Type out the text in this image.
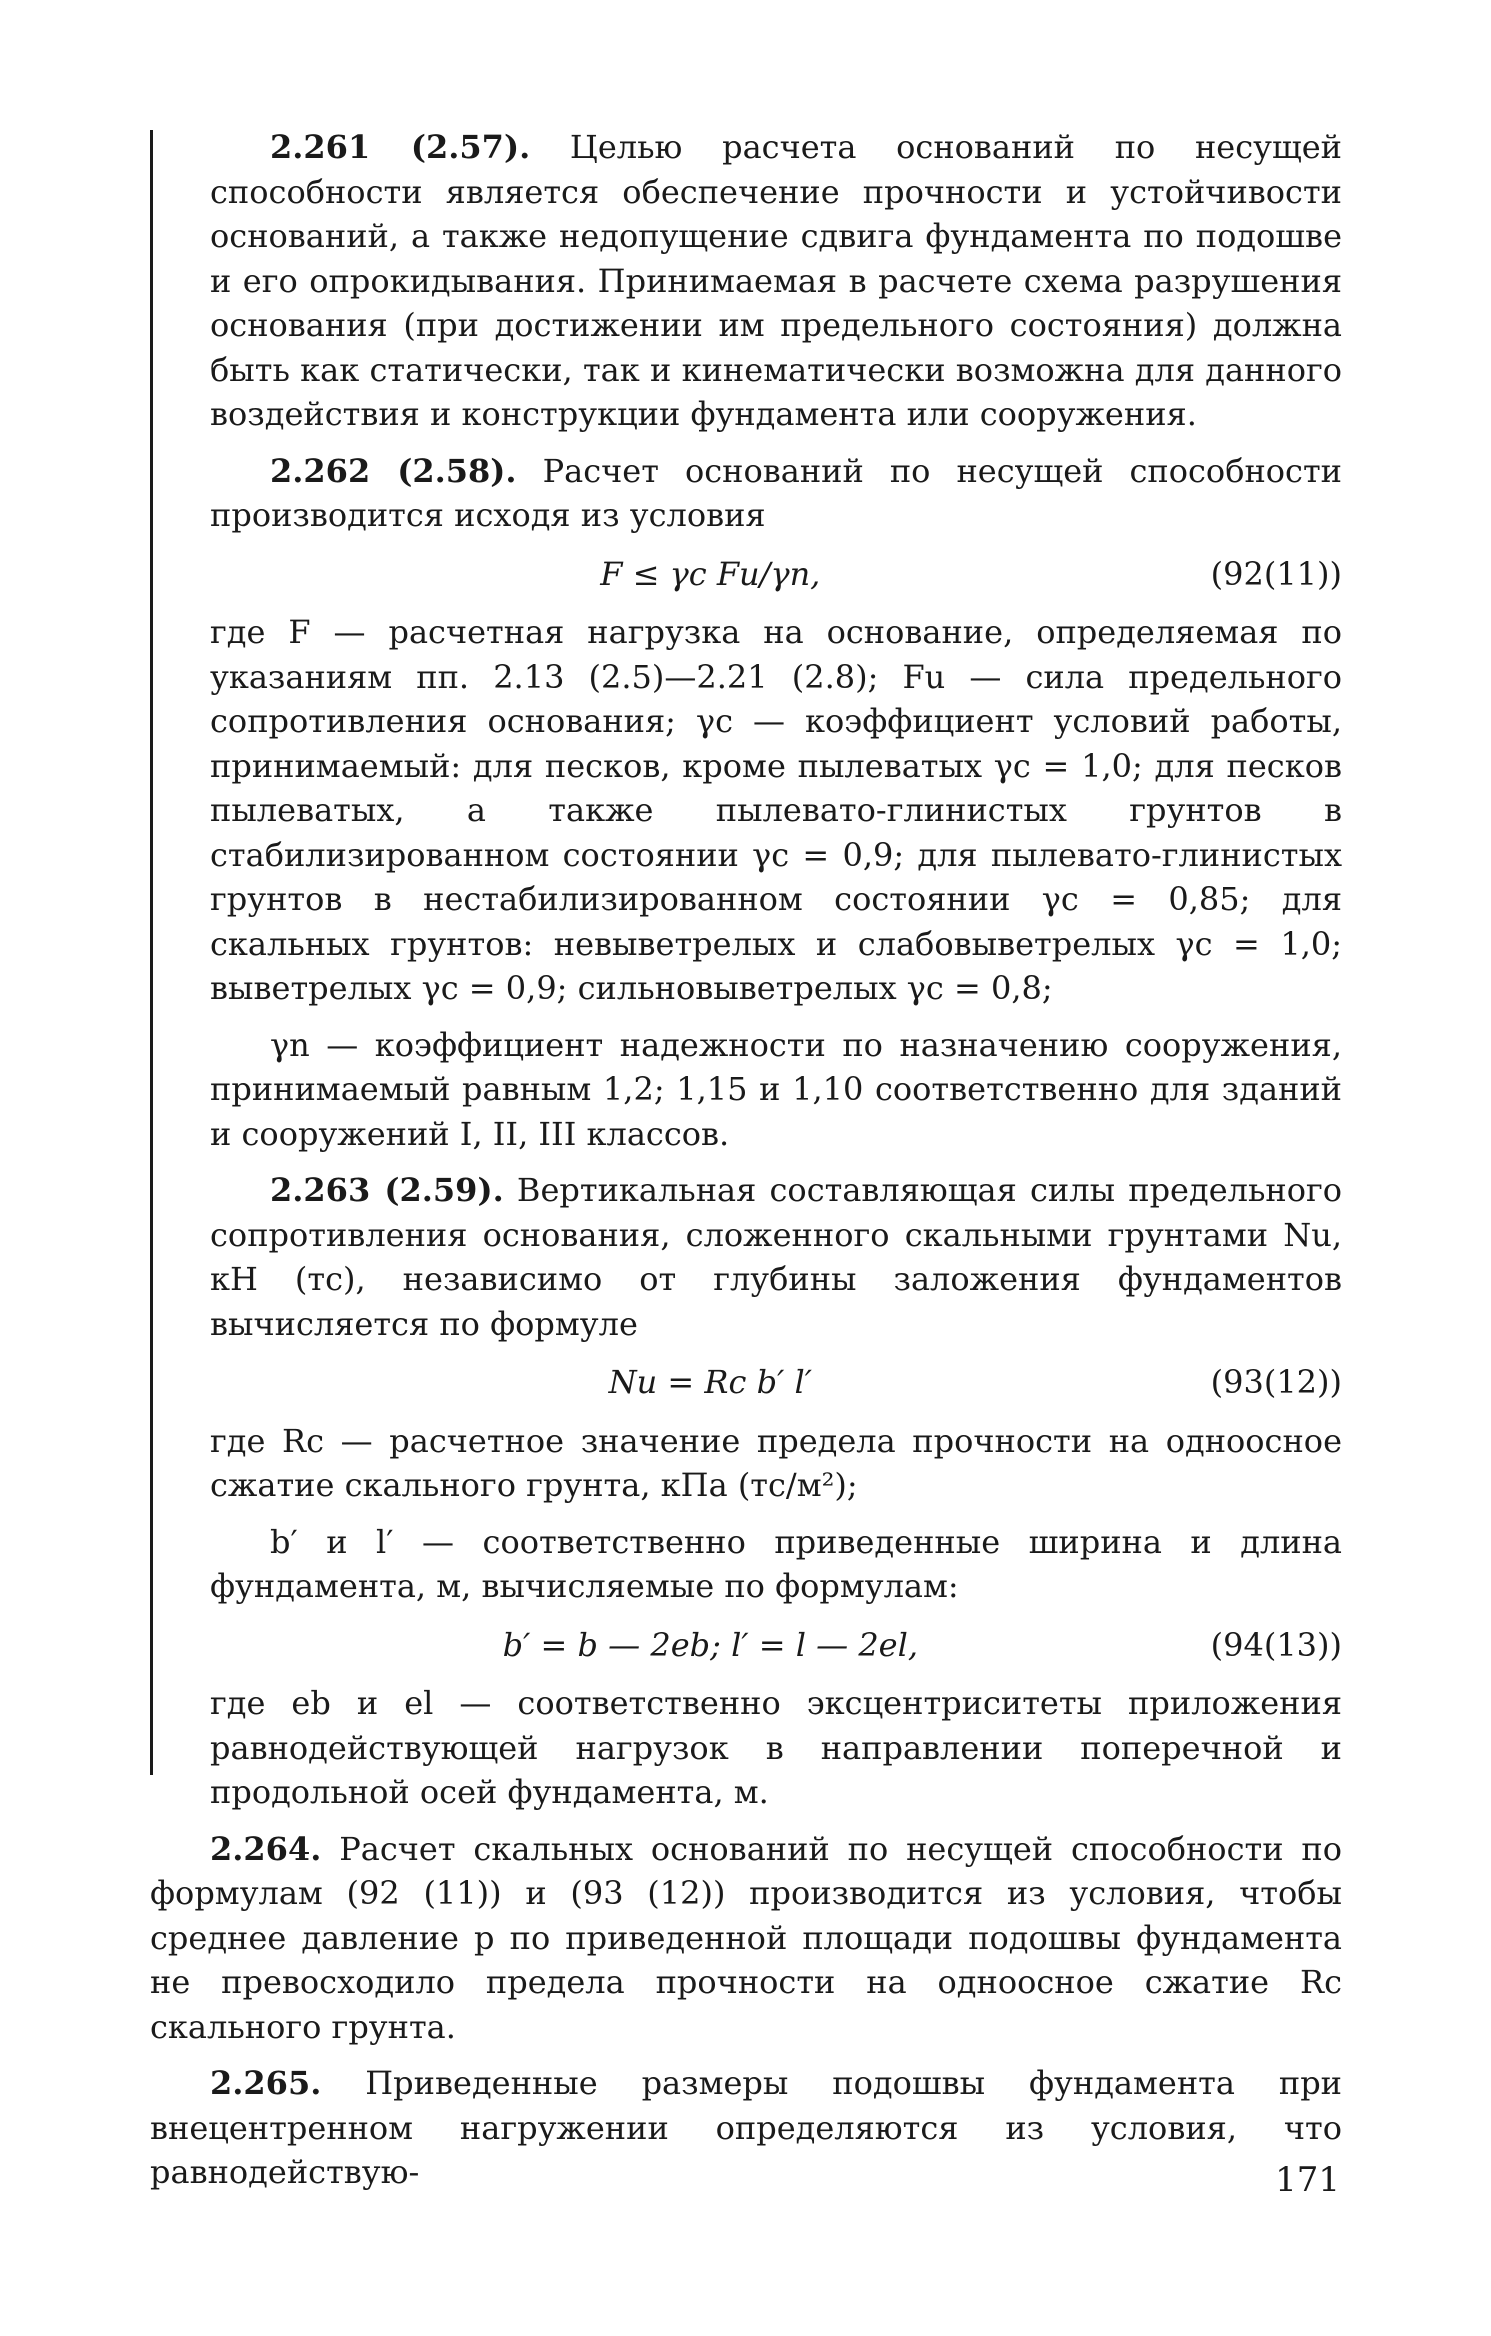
2.261 (2.57). Целью расчета оснований по несущей способности является обеспечение прочности и устойчивости оснований, а также недопущение сдвига фундамента по подошве и его опрокидывания. Принимаемая в расчете схема разрушения основания (при достижении им предельного состояния) должна быть как статически, так и кинематически возможна для данного воздействия и конструкции фундамента или сооружения.

2.262 (2.58). Расчет оснований по несущей способности производится исходя из условия

F ≤ γc Fu/γn,	(92(11))

где F — расчетная нагрузка на основание, определяемая по указаниям пп. 2.13 (2.5)—2.21 (2.8); Fu — сила предельного сопротивления основания; γc — коэффициент условий работы, принимаемый: для песков, кроме пылеватых γc = 1,0; для песков пылеватых, а также пылевато-глинистых грунтов в стабилизированном состоянии γc = 0,9; для пылевато-глинистых грунтов в нестабилизированном состоянии γc = 0,85; для скальных грунтов: невыветрелых и слабовыветрелых γc = 1,0; выветрелых γc = 0,9; сильновыветрелых γc = 0,8;

γn — коэффициент надежности по назначению сооружения, принимаемый равным 1,2; 1,15 и 1,10 соответственно для зданий и сооружений I, II, III классов.

2.263 (2.59). Вертикальная составляющая силы предельного сопротивления основания, сложенного скальными грунтами Nu, кН (тс), независимо от глубины заложения фундаментов вычисляется по формуле

Nu = Rc b′ l′	(93(12))

где Rc — расчетное значение предела прочности на одноосное сжатие скального грунта, кПа (тс/м²);

b′ и l′ — соответственно приведенные ширина и длина фундамента, м, вычисляемые по формулам:

b′ = b — 2eb; l′ = l — 2el,	(94(13))

где eb и el — соответственно эксцентриситеты приложения равнодействующей нагрузок в направлении поперечной и продольной осей фундамента, м.

2.264. Расчет скальных оснований по несущей способности по формулам (92 (11)) и (93 (12)) производится из условия, чтобы среднее давление p по приведенной площади подошвы фундамента не превосходило предела прочности на одноосное сжатие Rc скального грунта.

2.265. Приведенные размеры подошвы фундамента при внецентренном нагружении определяются из условия, что равнодействую-	171
